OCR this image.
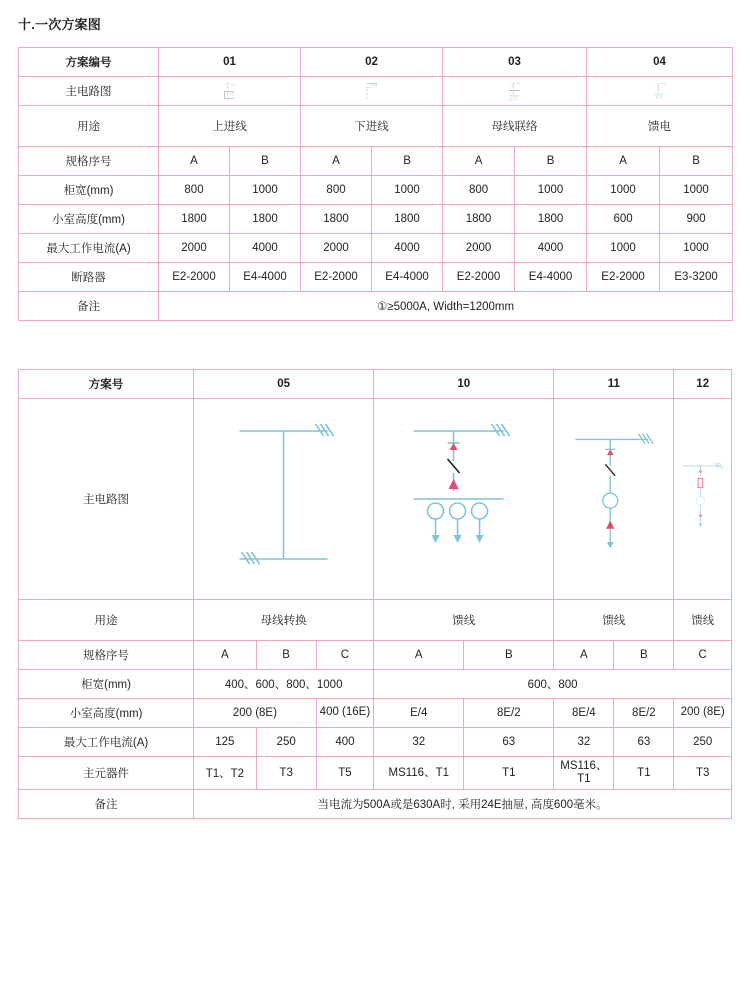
十.一次方案图
方案编号	01		02		03		04	
主电路图	

用途	上进线		下进线		母线联络		馈电	
规格序号	A	B	A	B	A	B	A	B
柜宽(mm)	800	1000	800	1000	800	1000	1000	1000
小室高度(mm)	1800	1800	1800	1800	1800	1800	600	900
最大工作电流(A)	2000	4000	2000	4000	2000	4000	1000	1000
断路器	E2-2000	E4-4000	E2-2000	E4-4000	E2-2000	E4-4000	E2-2000	E3-3200
备注	①≥5000A, Width=1200mm							
方案号	05			10		11		12
主电路图	

用途	母线转换			馈线		馈线		馈线
规格序号	A	B	C	A	B	A	B	C
柜宽(mm)	400、600、800、1000			600、800				
小室高度(mm)	200 (8E)		400 (16E)	E/4	8E/2	8E/4	8E/2	200 (8E)
最大工作电流(A)	125	250	400	32	63	32	63	250
主元器件	T1、T2	T3	T5	MS116、T1	T1	MS116、T1	T1	T3
备注	当电流为500A或是630A时, 采用24E抽屉, 高度600毫米。							
